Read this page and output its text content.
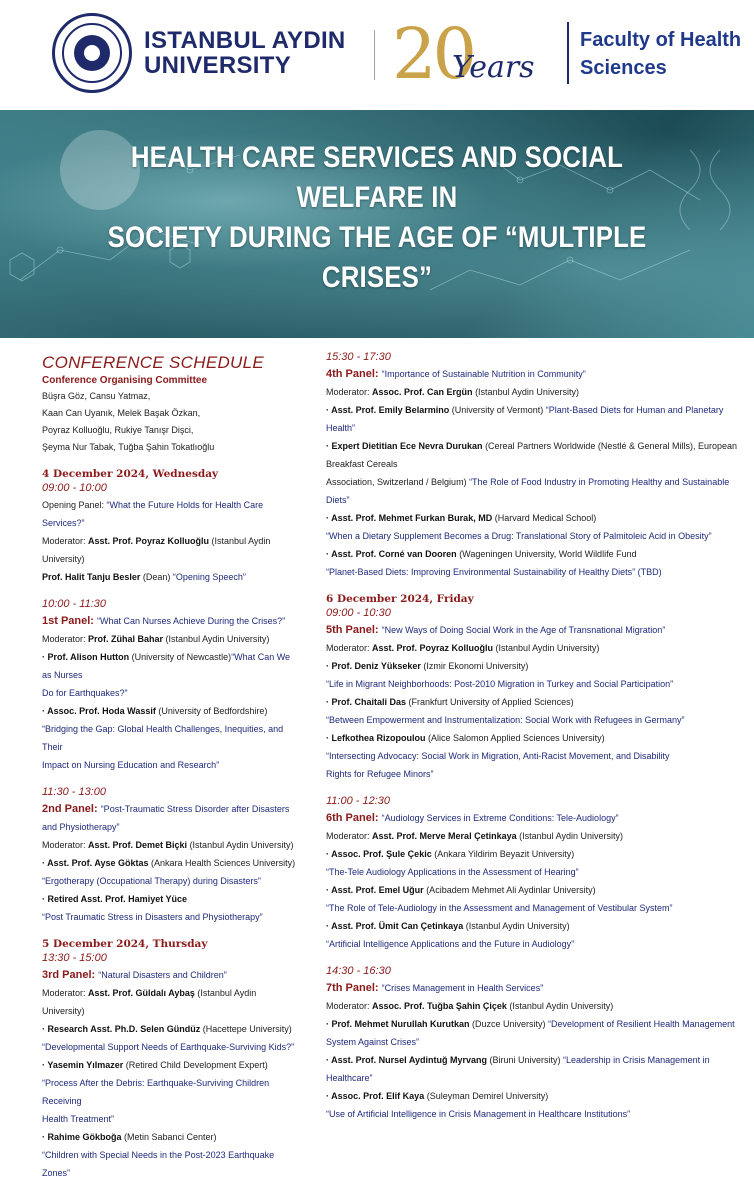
ISTANBUL AYDIN
UNIVERSITY	20
Years
Faculty of Health
Sciences
HEALTH CARE SERVICES AND SOCIAL WELFARE IN
SOCIETY DURING THE AGE OF “MULTIPLE CRISES”
CONFERENCE SCHEDULE
Conference Organising Committee
Büşra Göz, Cansu Yatmaz,
Kaan Can Uyanık, Melek Başak Özkan,
Poyraz Kolluoğlu, Rukiye Tanışr Dişci,
Şeyma Nur Tabak, Tuğba Şahin Tokatlıoğlu
4 December 2024, Wednesday
09:00 - 10:00
Opening Panel: “What the Future Holds for Health Care Services?”
Moderator: Asst. Prof. Poyraz Kolluoğlu (Istanbul Aydin University)
Prof. Halit Tanju Besler (Dean) “Opening Speech”
10:00 - 11:30
1st Panel: “What Can Nurses Achieve During the Crises?”
Moderator: Prof. Zühal Bahar (Istanbul Aydin University)
· Prof. Alison Hutton (University of Newcastle)“What Can We as Nurses
Do for Earthquakes?”
· Assoc. Prof. Hoda Wassif (University of Bedfordshire)
“Bridging the Gap: Global Health Challenges, Inequities, and Their
Impact on Nursing Education and Research”
11:30 - 13:00
2nd Panel: “Post-Traumatic Stress Disorder after Disasters
and Physiotherapy”
Moderator: Asst. Prof. Demet Biçki (Istanbul Aydin University)
· Asst. Prof. Ayse Göktas (Ankara Health Sciences University)
“Ergotherapy (Occupational Therapy) during Disasters”
· Retired Asst. Prof. Hamiyet Yüce
“Post Traumatic Stress in Disasters and Physiotherapy”
5 December 2024, Thursday
13:30 - 15:00
3rd Panel: “Natural Disasters and Children”
Moderator: Asst. Prof. Güldalı Aybaş (Istanbul Aydin University)
· Research Asst. Ph.D. Selen Gündüz (Hacettepe University)
“Developmental Support Needs of Earthquake-Surviving Kids?”
· Yasemin Yılmazer (Retired Child Development Expert)
“Process After the Debris: Earthquake-Surviving Children Receiving
Health Treatment”
· Rahime Gökboğa (Metin Sabanci Center)
“Children with Special Needs in the Post-2023 Earthquake Zones”
15:30 - 17:30
4th Panel: “Importance of Sustainable Nutrition in Community”
Moderator: Assoc. Prof. Can Ergün (Istanbul Aydin University)
· Asst. Prof. Emily Belarmino (University of Vermont) “Plant-Based Diets for Human and Planetary Health”
· Expert Dietitian Ece Nevra Durukan (Cereal Partners Worldwide (Nestlé & General Mills), European Breakfast Cereals
Association, Switzerland / Belgium) “The Role of Food Industry in Promoting Healthy and Sustainable Diets”
· Asst. Prof. Mehmet Furkan Burak, MD (Harvard Medical School)
“When a Dietary Supplement Becomes a Drug: Translational Story of Palmitoleic Acid in Obesity”
· Asst. Prof. Corné van Dooren (Wageningen University, World Wildlife Fund
“Planet-Based Diets: Improving Environmental Sustainability of Healthy Diets” (TBD)
6 December 2024, Friday
09:00 - 10:30
5th Panel: “New Ways of Doing Social Work in the Age of Transnational Migration”
Moderator: Asst. Prof. Poyraz Kolluoğlu (Istanbul Aydin University)
· Prof. Deniz Yükseker (Izmir Ekonomi University)
“Life in Migrant Neighborhoods: Post-2010 Migration in Turkey and Social Participation”
· Prof. Chaitali Das (Frankfurt University of Applied Sciences)
“Between Empowerment and Instrumentalization: Social Work with Refugees in Germany”
· Lefkothea Rizopoulou (Alice Salomon Applied Sciences University)
“Intersecting Advocacy: Social Work in Migration, Anti-Racist Movement, and Disability
Rights for Refugee Minors”
11:00 - 12:30
6th Panel: “Audiology Services in Extreme Conditions: Tele-Audiology”
Moderator: Asst. Prof. Merve Meral Çetinkaya (Istanbul Aydin University)
· Assoc. Prof. Şule Çekic (Ankara Yildirim Beyazit University)
“The-Tele Audiology Applications in the Assessment of Hearing”
· Asst. Prof. Emel Uğur (Acibadem Mehmet Ali Aydinlar University)
“The Role of Tele-Audiology in the Assessment and Management of Vestibular System”
· Asst. Prof. Ümit Can Çetinkaya (Istanbul Aydin University)
“Artificial Intelligence Applications and the Future in Audiology”
14:30 - 16:30
7th Panel: “Crises Management in Health Services”
Moderator: Assoc. Prof. Tuğba Şahin Çiçek (Istanbul Aydin University)
· Prof. Mehmet Nurullah Kurutkan (Duzce University) “Development of Resilient Health Management
System Against Crises”
· Asst. Prof. Nursel Aydintuğ Myrvang (Biruni University) “Leadership in Crisis Management in Healthcare”
· Assoc. Prof. Elif Kaya (Suleyman Demirel University)
“Use of Artificial Intelligence in Crisis Management in Healthcare Institutions”
